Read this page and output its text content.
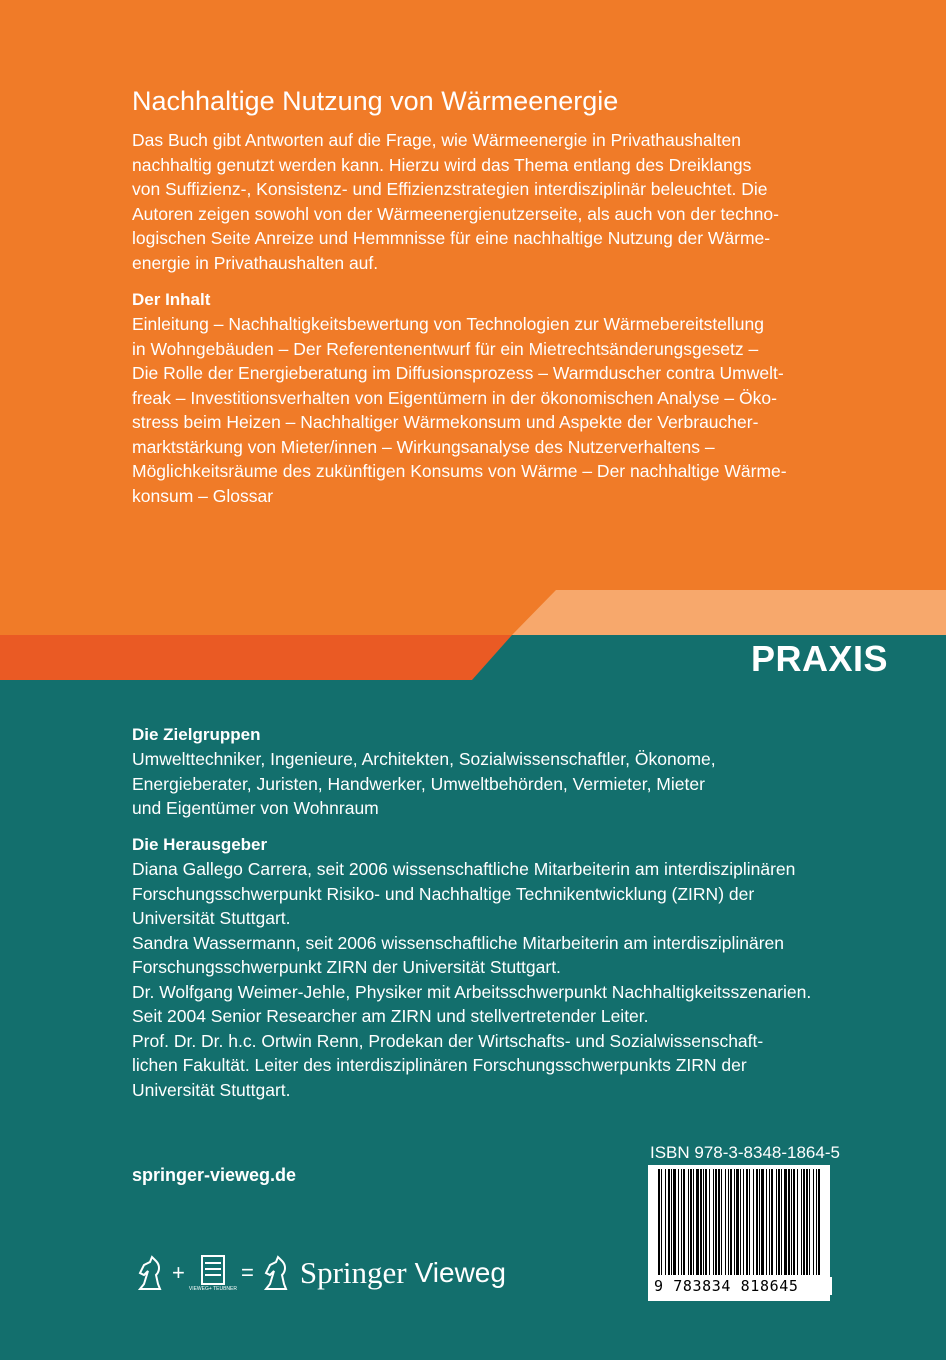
PRAXIS
Nachhaltige Nutzung von Wärmeenergie

Das Buch gibt Antworten auf die Frage, wie Wärmeenergie in Privathaushalten

nachhaltig genutzt werden kann. Hierzu wird das Thema entlang des Dreiklangs

von Suffizienz-, Konsistenz- und Effizienzstrategien interdisziplinär beleuchtet. Die

Autoren zeigen sowohl von der Wärmeenergienutzerseite, als auch von der techno-

logischen Seite Anreize und Hemmnisse für eine nachhaltige Nutzung der Wärme-

energie in Privathaushalten auf.

Der Inhalt

Einleitung – Nachhaltigkeitsbewertung von Technologien zur Wärmebereitstellung

in Wohngebäuden – Der Referentenentwurf für ein Mietrechtsänderungsgesetz –

Die Rolle der Energieberatung im Diffusionsprozess – Warmduscher contra Umwelt-

freak – Investitionsverhalten von Eigentümern in der ökonomischen Analyse – Öko-

stress beim Heizen – Nachhaltiger Wärmekonsum und Aspekte der Verbraucher-

marktstärkung von Mieter/innen – Wirkungsanalyse des Nutzerverhaltens –

Möglichkeitsräume des zukünftigen Konsums von Wärme – Der nachhaltige Wärme-

konsum – Glossar

Die Zielgruppen

Umwelttechniker, Ingenieure, Architekten, Sozialwissenschaftler, Ökonome,

Energieberater, Juristen, Handwerker, Umweltbehörden, Vermieter, Mieter

und Eigentümer von Wohnraum

Die Herausgeber

Diana Gallego Carrera, seit 2006 wissenschaftliche Mitarbeiterin am interdisziplinären

Forschungsschwerpunkt Risiko- und Nachhaltige Technikentwicklung (ZIRN) der

Universität Stuttgart.

Sandra Wassermann, seit 2006 wissenschaftliche Mitarbeiterin am interdisziplinären

Forschungsschwerpunkt ZIRN der Universität Stuttgart.

Dr. Wolfgang Weimer-Jehle, Physiker mit Arbeitsschwerpunkt Nachhaltigkeitsszenarien.

Seit 2004 Senior Researcher am ZIRN und stellvertretender Leiter.

Prof. Dr. Dr. h.c. Ortwin Renn, Prodekan der Wirtschafts- und Sozialwissenschaft-

lichen Fakultät. Leiter des interdisziplinären Forschungsschwerpunkts ZIRN der

Universität Stuttgart.

springer-vieweg.de
ISBN 978-3-8348-1864-5
9 783834 818645
+
VIEWEG+ TEUBNER
= Springer Vieweg
